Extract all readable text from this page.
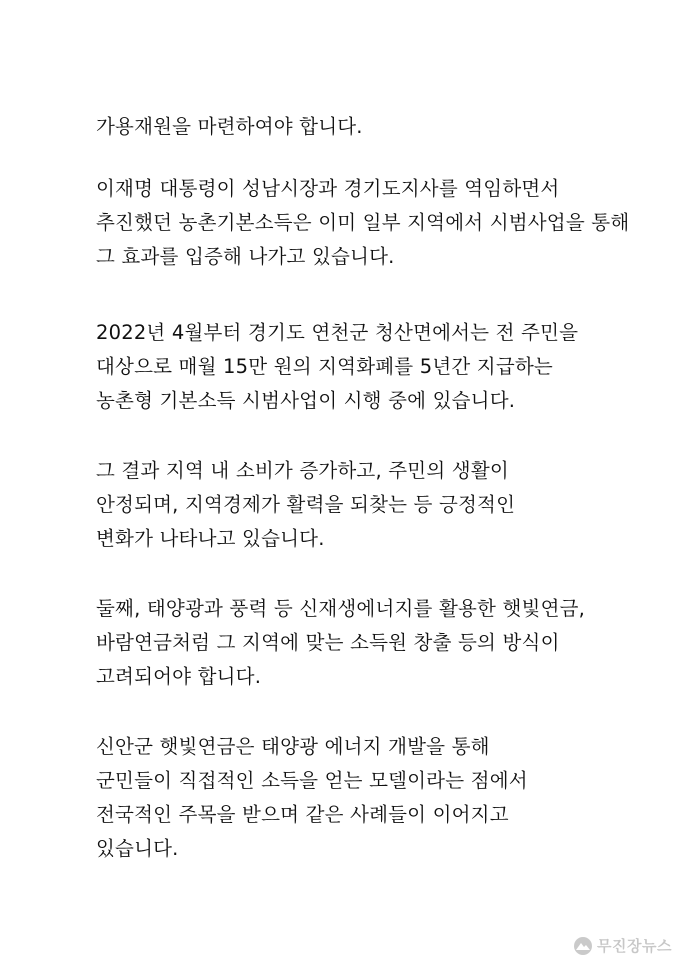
가용재원을 마련하여야 합니다.
이재명 대통령이 성남시장과 경기도지사를 역임하면서
추진했던 농촌기본소득은 이미 일부 지역에서 시범사업을 통해
그 효과를 입증해 나가고 있습니다.
2022년 4월부터 경기도 연천군 청산면에서는 전 주민을
대상으로 매월 15만 원의 지역화폐를 5년간 지급하는
농촌형 기본소득 시범사업이 시행 중에 있습니다.
그 결과 지역 내 소비가 증가하고, 주민의 생활이
안정되며, 지역경제가 활력을 되찾는 등 긍정적인
변화가 나타나고 있습니다.
둘째, 태양광과 풍력 등 신재생에너지를 활용한 햇빛연금,
바람연금처럼 그 지역에 맞는 소득원 창출 등의 방식이
고려되어야 합니다.
신안군 햇빛연금은 태양광 에너지 개발을 통해
군민들이 직접적인 소득을 얻는 모델이라는 점에서
전국적인 주목을 받으며 같은 사례들이 이어지고
있습니다.
무진장뉴스
